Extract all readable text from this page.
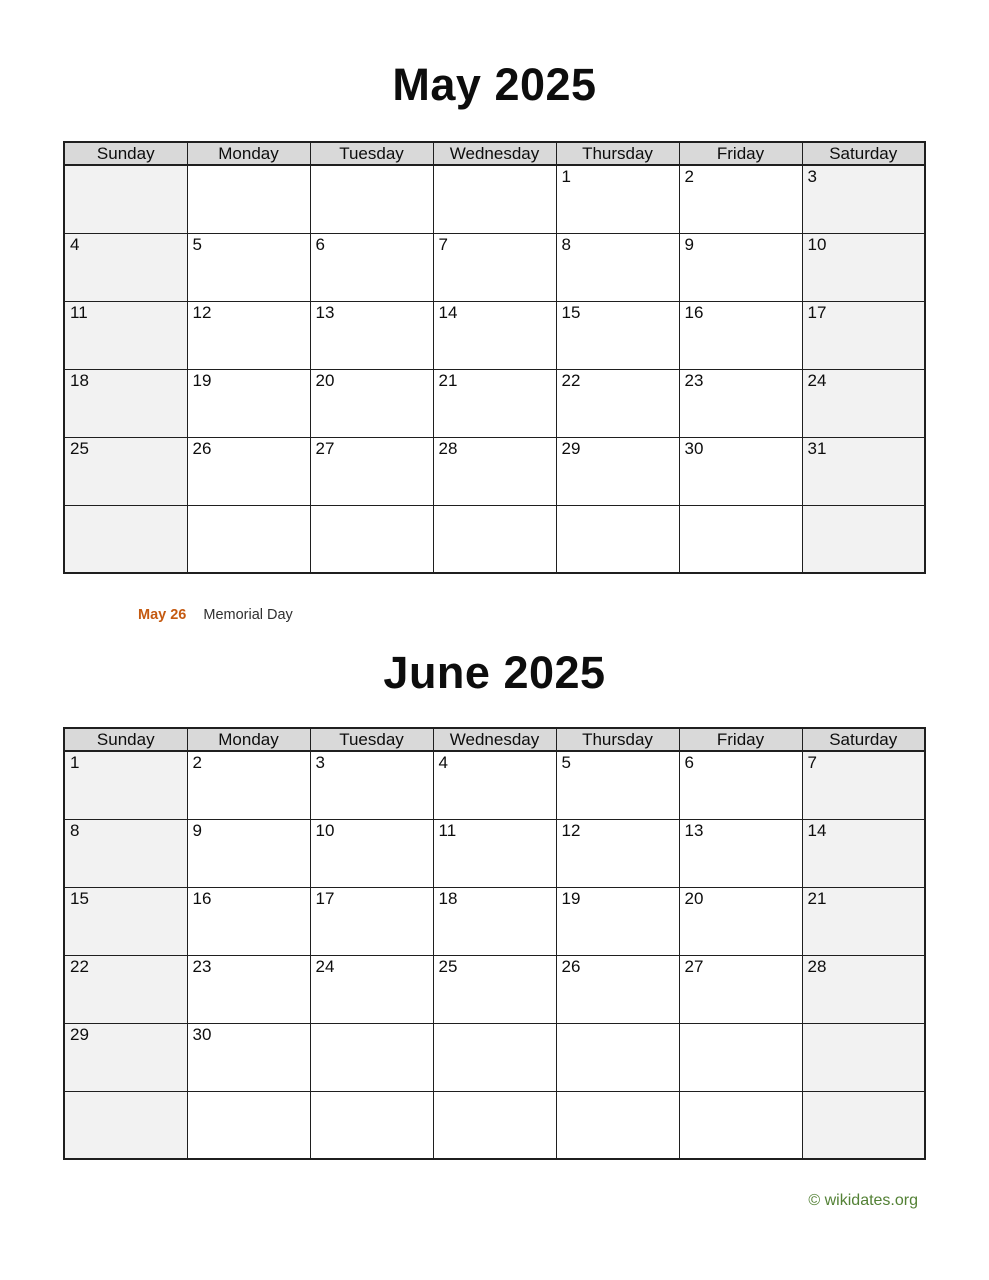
May 2025
Sunday	Monday	Tuesday	Wednesday	Thursday	Friday	Saturday

				1	2	3

4	5	6	7	8	9	10

11	12	13	14	15	16	17

18	19	20	21	22	23	24

25	26	27	28	29	30	31

May 26 Memorial Day
June 2025
Sunday	Monday	Tuesday	Wednesday	Thursday	Friday	Saturday

1	2	3	4	5	6	7

8	9	10	11	12	13	14

15	16	17	18	19	20	21

22	23	24	25	26	27	28

29	30					

© wikidates.org
